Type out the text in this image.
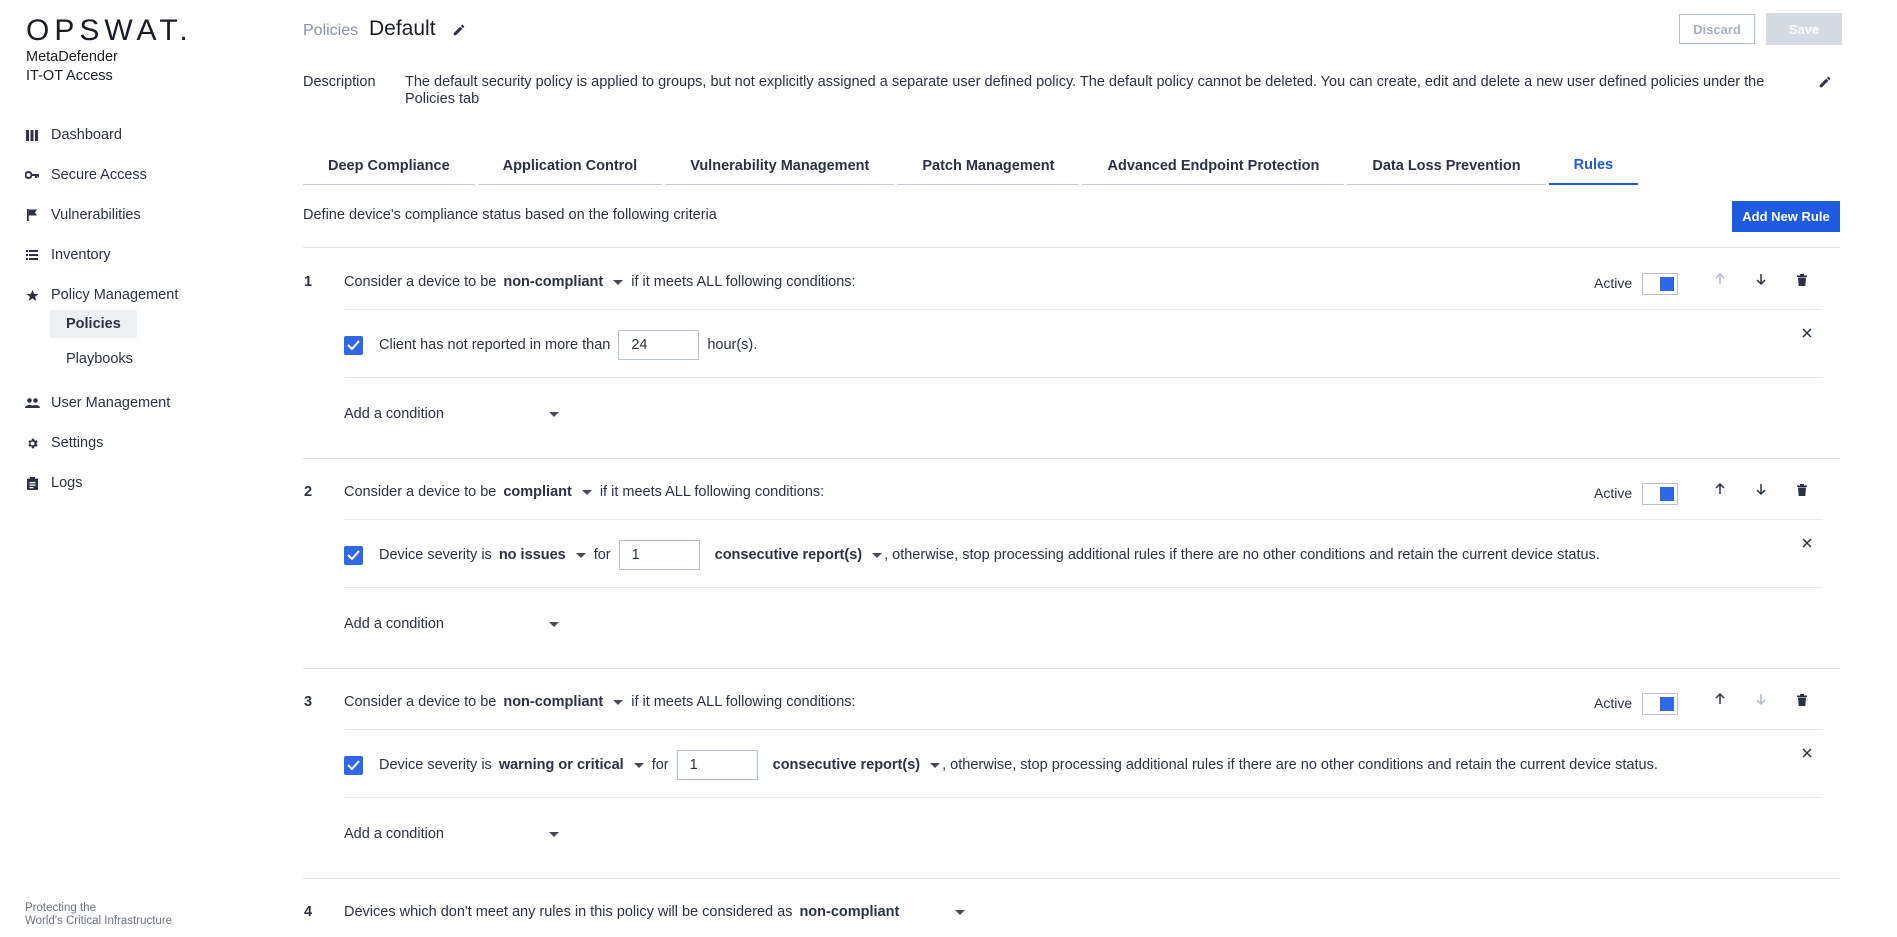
OPSWAT.
MetaDefender
IT-OT Access
Dashboard
Secure Access
Vulnerabilities
Inventory
Policy Management
Policies
Playbooks
User Management
Settings
Logs
Protecting the
World's Critical Infrastructure
Policies Default	Discard	Save
Description The default security policy is applied to groups, but not explicitly assigned a separate user defined policy. The default policy cannot be deleted. You can create, edit and delete a new user defined policies under the Policies tab
Deep Compliance	Application Control	Vulnerability Management	Patch Management	Advanced Endpoint Protection	Data Loss Prevention	Rules
Define device's compliance status based on the following criteria	Add New Rule
1 Consider a device to be non-compliant if it meets ALL following conditions:	Active
Client has not reported in more than
24	hour(s).
Add a condition
2 Consider a device to be compliant if it meets ALL following conditions:	Active
Device severity is no issues for
1	consecutive report(s) , otherwise, stop processing additional rules if there are no other conditions and retain the current device status.
Add a condition
3 Consider a device to be non-compliant if it meets ALL following conditions:	Active
Device severity is warning or critical for
1	consecutive report(s) , otherwise, stop processing additional rules if there are no other conditions and retain the current device status.
Add a condition
4 Devices which don't meet any rules in this policy will be considered as non-compliant
